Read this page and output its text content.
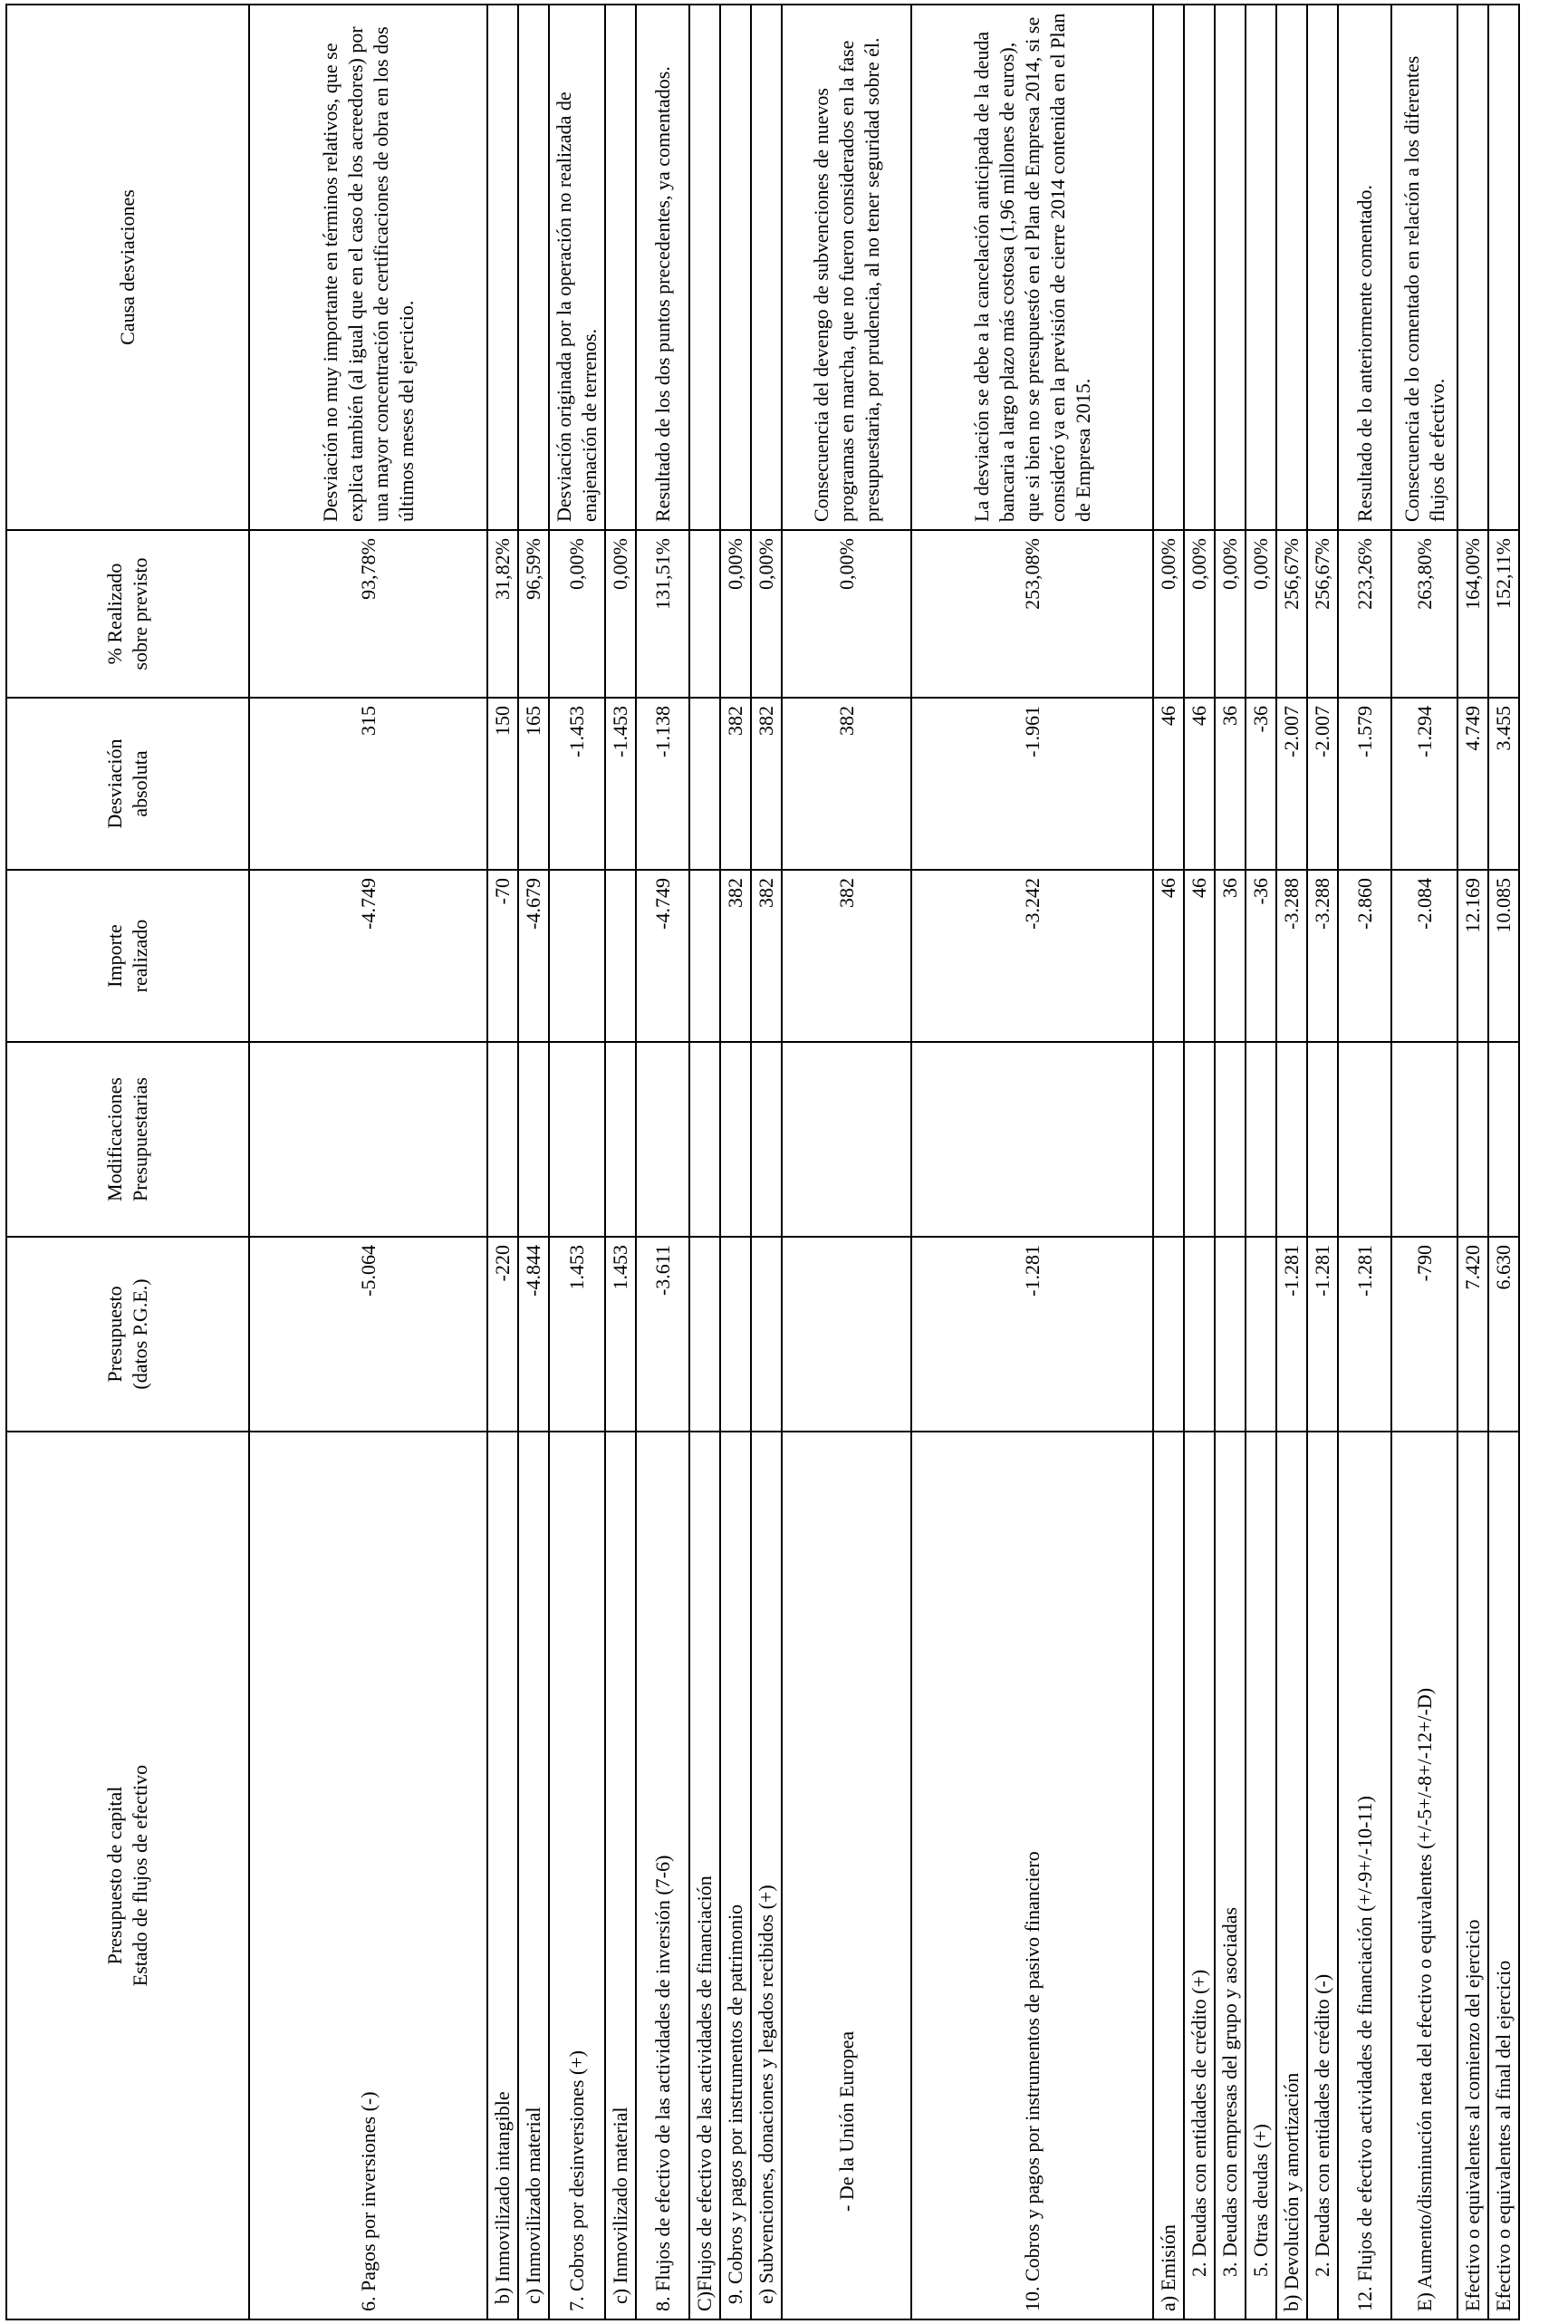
Presupuesto de capital Estado de flujos de efectivo	Presupuesto (datos P.G.E.)	Modificaciones Presupuestarias	Importe realizado	Desviación absoluta	% Realizado sobre previsto	Causa desviaciones
6. Pagos por inversiones (-)	-5.064		-4.749	315	93,78%	Desviación no muy importante en términos relativos, que se explica también (al igual que en el caso de los acreedores) por una mayor concentración de certificaciones de obra en los dos últimos meses del ejercicio.
b) Inmovilizado intangible	-220		-70	150	31,82%	
c) Inmovilizado material	-4.844		-4.679	165	96,59%	
7. Cobros por desinversiones (+)	1.453			-1.453	0,00%	Desviación originada por la operación no realizada de enajenación de terrenos.
c) Inmovilizado material	1.453			-1.453	0,00%	
8. Flujos de efectivo de las actividades de inversión (7-6)	-3.611		-4.749	-1.138	131,51%	Resultado de los dos puntos precedentes, ya comentados.
C)Flujos de efectivo de las actividades de financiación						
9. Cobros y pagos por instrumentos de patrimonio			382	382	0,00%	
e) Subvenciones, donaciones y legados recibidos (+)			382	382	0,00%	
- De la Unión Europea			382	382	0,00%	Consecuencia del devengo de subvenciones de nuevos programas en marcha, que no fueron considerados en la fase presupuestaria, por prudencia, al no tener seguridad sobre él.
10. Cobros y pagos por instrumentos de pasivo financiero	-1.281		-3.242	-1.961	253,08%	La desviación se debe a la cancelación anticipada de la deuda bancaria a largo plazo más costosa (1,96 millones de euros), que si bien no se presupuestó en el Plan de Empresa 2014, si se consideró ya en la previsión de cierre 2014 contenida en el Plan de Empresa 2015.
a) Emisión			46	46	0,00%	
2. Deudas con entidades de crédito (+)			46	46	0,00%	
3. Deudas con empresas del grupo y asociadas			36	36	0,00%	
5. Otras deudas (+)			-36	-36	0,00%	
b) Devolución y amortización	-1.281		-3.288	-2.007	256,67%	
2. Deudas con entidades de crédito (-)	-1.281		-3.288	-2.007	256,67%	
12. Flujos de efectivo actividades de financiación (+/-9+/-10-11)	-1.281		-2.860	-1.579	223,26%	Resultado de lo anteriormente comentado.
E) Aumento/disminución neta del efectivo o equivalentes (+/-5+/-8+/-12+/-D)	-790		-2.084	-1.294	263,80%	Consecuencia de lo comentado en relación a los diferentes flujos de efectivo.
Efectivo o equivalentes al comienzo del ejercicio	7.420		12.169	4.749	164,00%	
Efectivo o equivalentes al final del ejercicio	6.630		10.085	3.455	152,11%	
